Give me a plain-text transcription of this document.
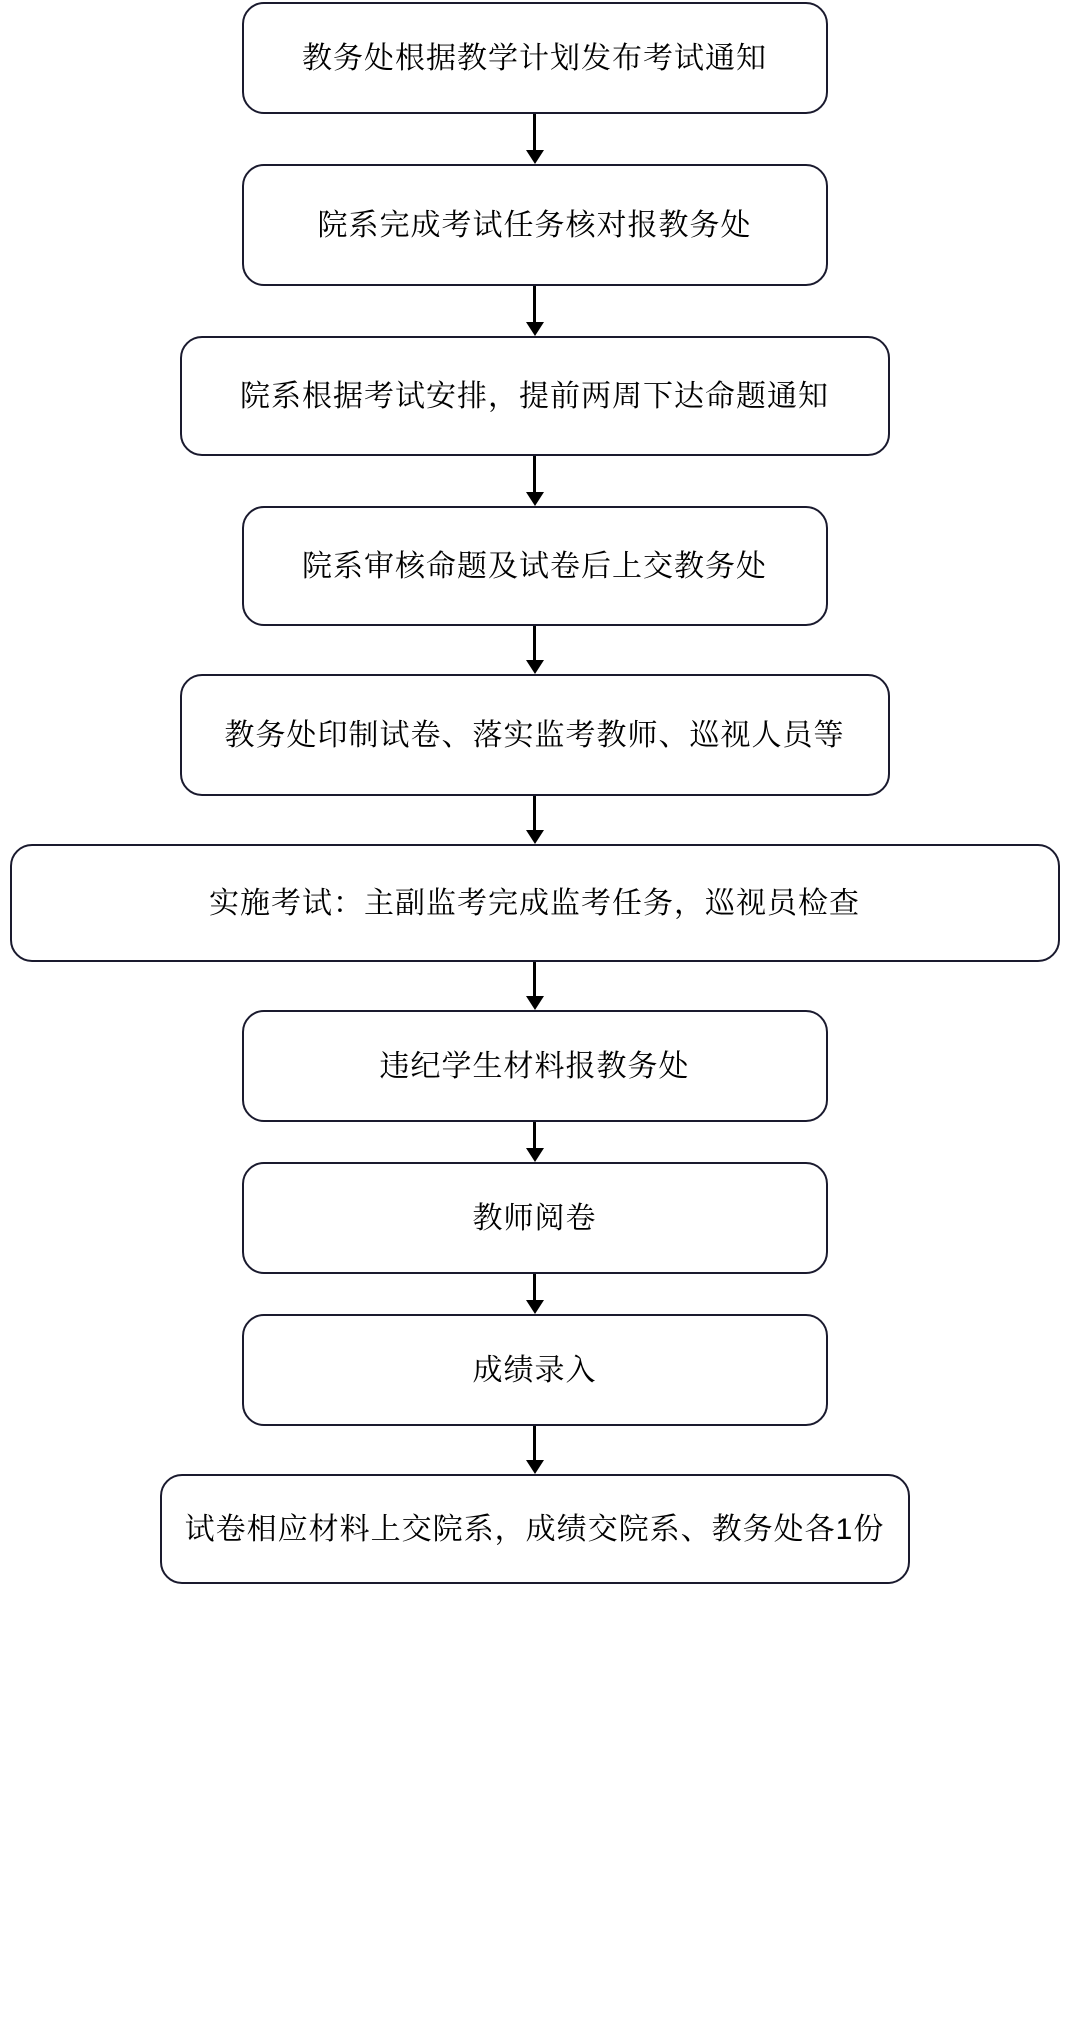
教务处根据教学计划发布考试通知
院系完成考试任务核对报教务处
院系根据考试安排，提前两周下达命题通知
院系审核命题及试卷后上交教务处
教务处印制试卷、落实监考教师、巡视人员等
实施考试：主副监考完成监考任务，巡视员检查
违纪学生材料报教务处
教师阅卷
成绩录入
试卷相应材料上交院系，成绩交院系、教务处各1份
